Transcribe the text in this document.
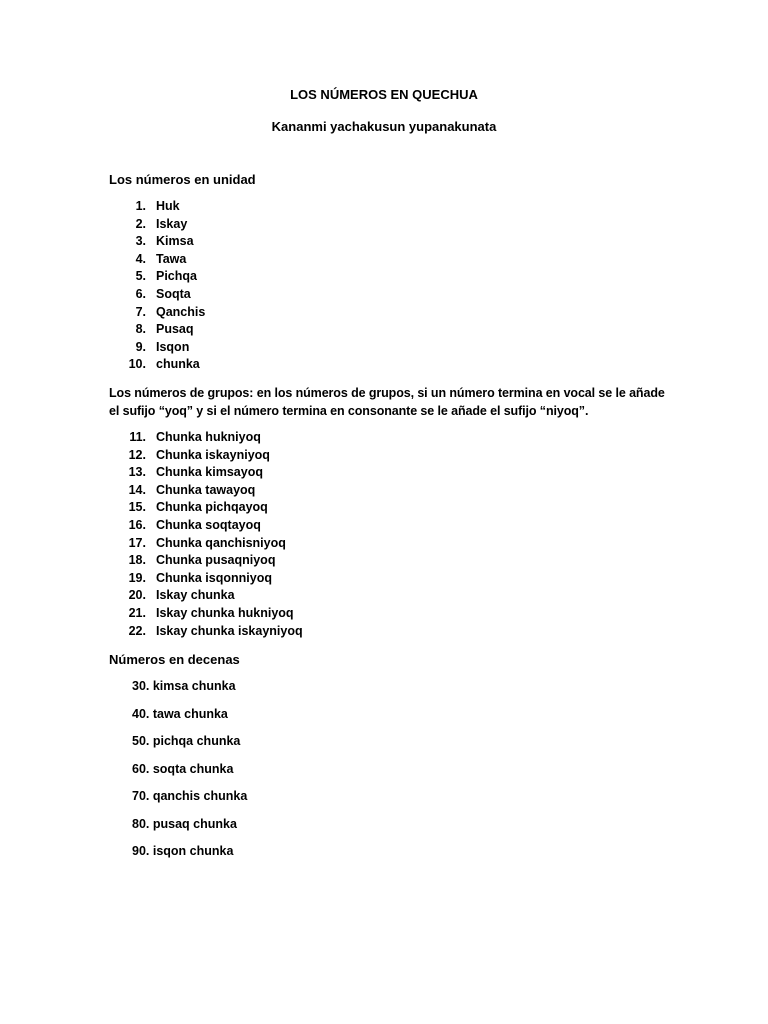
LOS NÚMEROS EN QUECHUA
Kananmi yachakusun yupanakunata
Los números en unidad
1. Huk
2. Iskay
3. Kimsa
4. Tawa
5. Pichqa
6. Soqta
7. Qanchis
8. Pusaq
9. Isqon
10. chunka
Los números de grupos: en los números de grupos, si un número termina en vocal se le añade el sufijo “yoq” y si el número termina en consonante se le añade el sufijo “niyoq”.
11. Chunka hukniyoq
12. Chunka iskayniyoq
13. Chunka kimsayoq
14. Chunka tawayoq
15. Chunka pichqayoq
16. Chunka soqtayoq
17. Chunka qanchisniyoq
18. Chunka pusaqniyoq
19. Chunka isqonniyoq
20. Iskay chunka
21. Iskay chunka hukniyoq
22. Iskay chunka iskayniyoq
Números en decenas
30. kimsa chunka
40. tawa chunka
50. pichqa chunka
60. soqta chunka
70. qanchis chunka
80. pusaq chunka
90. isqon chunka
